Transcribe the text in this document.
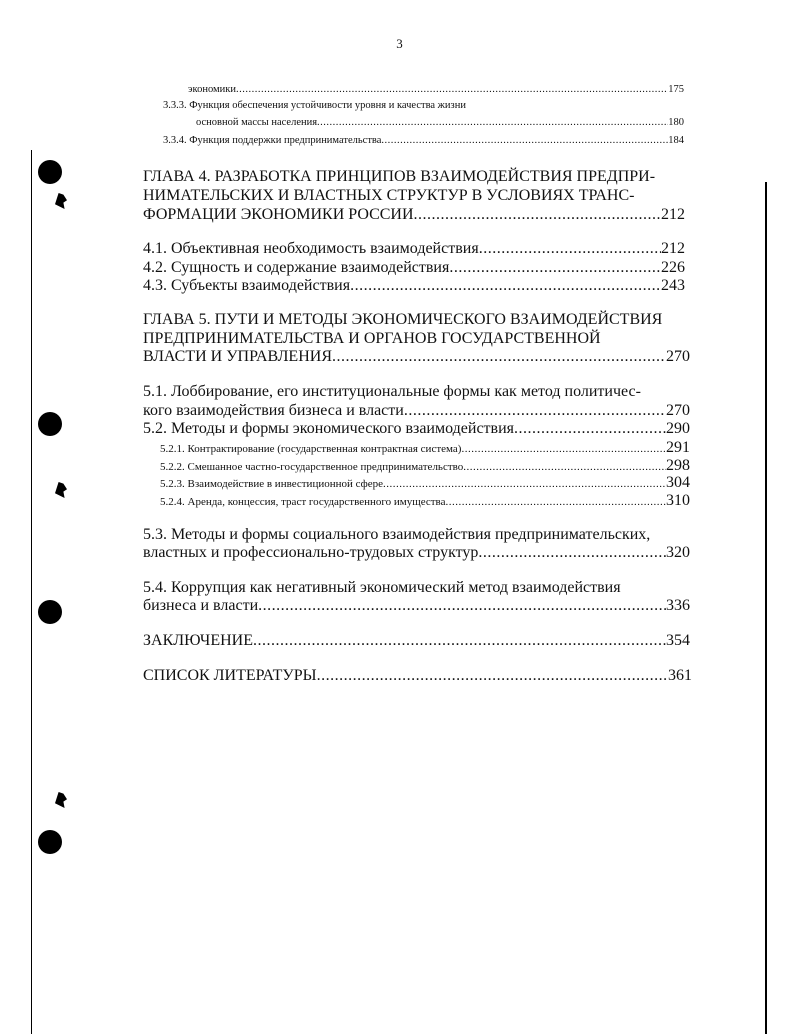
3
экономики .....	175
3.3.3. Функция обеспечения устойчивости уровня и качества жизни
основной массы населения .....	180
3.3.4. Функция поддержки предпринимательства .....	184
ГЛАВА 4. РАЗРАБОТКА ПРИНЦИПОВ ВЗАИМОДЕЙСТВИЯ ПРЕДПРИ-
НИМАТЕЛЬСКИХ И ВЛАСТНЫХ СТРУКТУР В УСЛОВИЯХ ТРАНС-
ФОРМАЦИИ ЭКОНОМИКИ РОССИИ .....	212
4.1. Объективная необходимость взаимодействия .....	212
4.2. Сущность и содержание взаимодействия .....	226
4.3. Субъекты взаимодействия .....	243
ГЛАВА 5. ПУТИ И МЕТОДЫ ЭКОНОМИЧЕСКОГО ВЗАИМОДЕЙСТВИЯ
ПРЕДПРИНИМАТЕЛЬСТВА И ОРГАНОВ ГОСУДАРСТВЕННОЙ
ВЛАСТИ И УПРАВЛЕНИЯ .....	270
5.1. Лоббирование, его институциональные формы как метод политичес-
кого взаимодействия бизнеса и власти .....	270
5.2. Методы и формы экономического взаимодействия .....	290
5.2.1. Контрактирование (государственная контрактная система) .....	291
5.2.2. Смешанное частно-государственное предпринимательство .....	298
5.2.3. Взаимодействие в инвестиционной сфере .....	304
5.2.4. Аренда, концессия, траст государственного имущества .....	310
5.3. Методы и формы социального взаимодействия предпринимательских,
властных и профессионально-трудовых структур .....	320
5.4. Коррупция как негативный экономический метод взаимодействия
бизнеса и власти .....	336
ЗАКЛЮЧЕНИЕ .....	354
СПИСОК ЛИТЕРАТУРЫ .....	361
